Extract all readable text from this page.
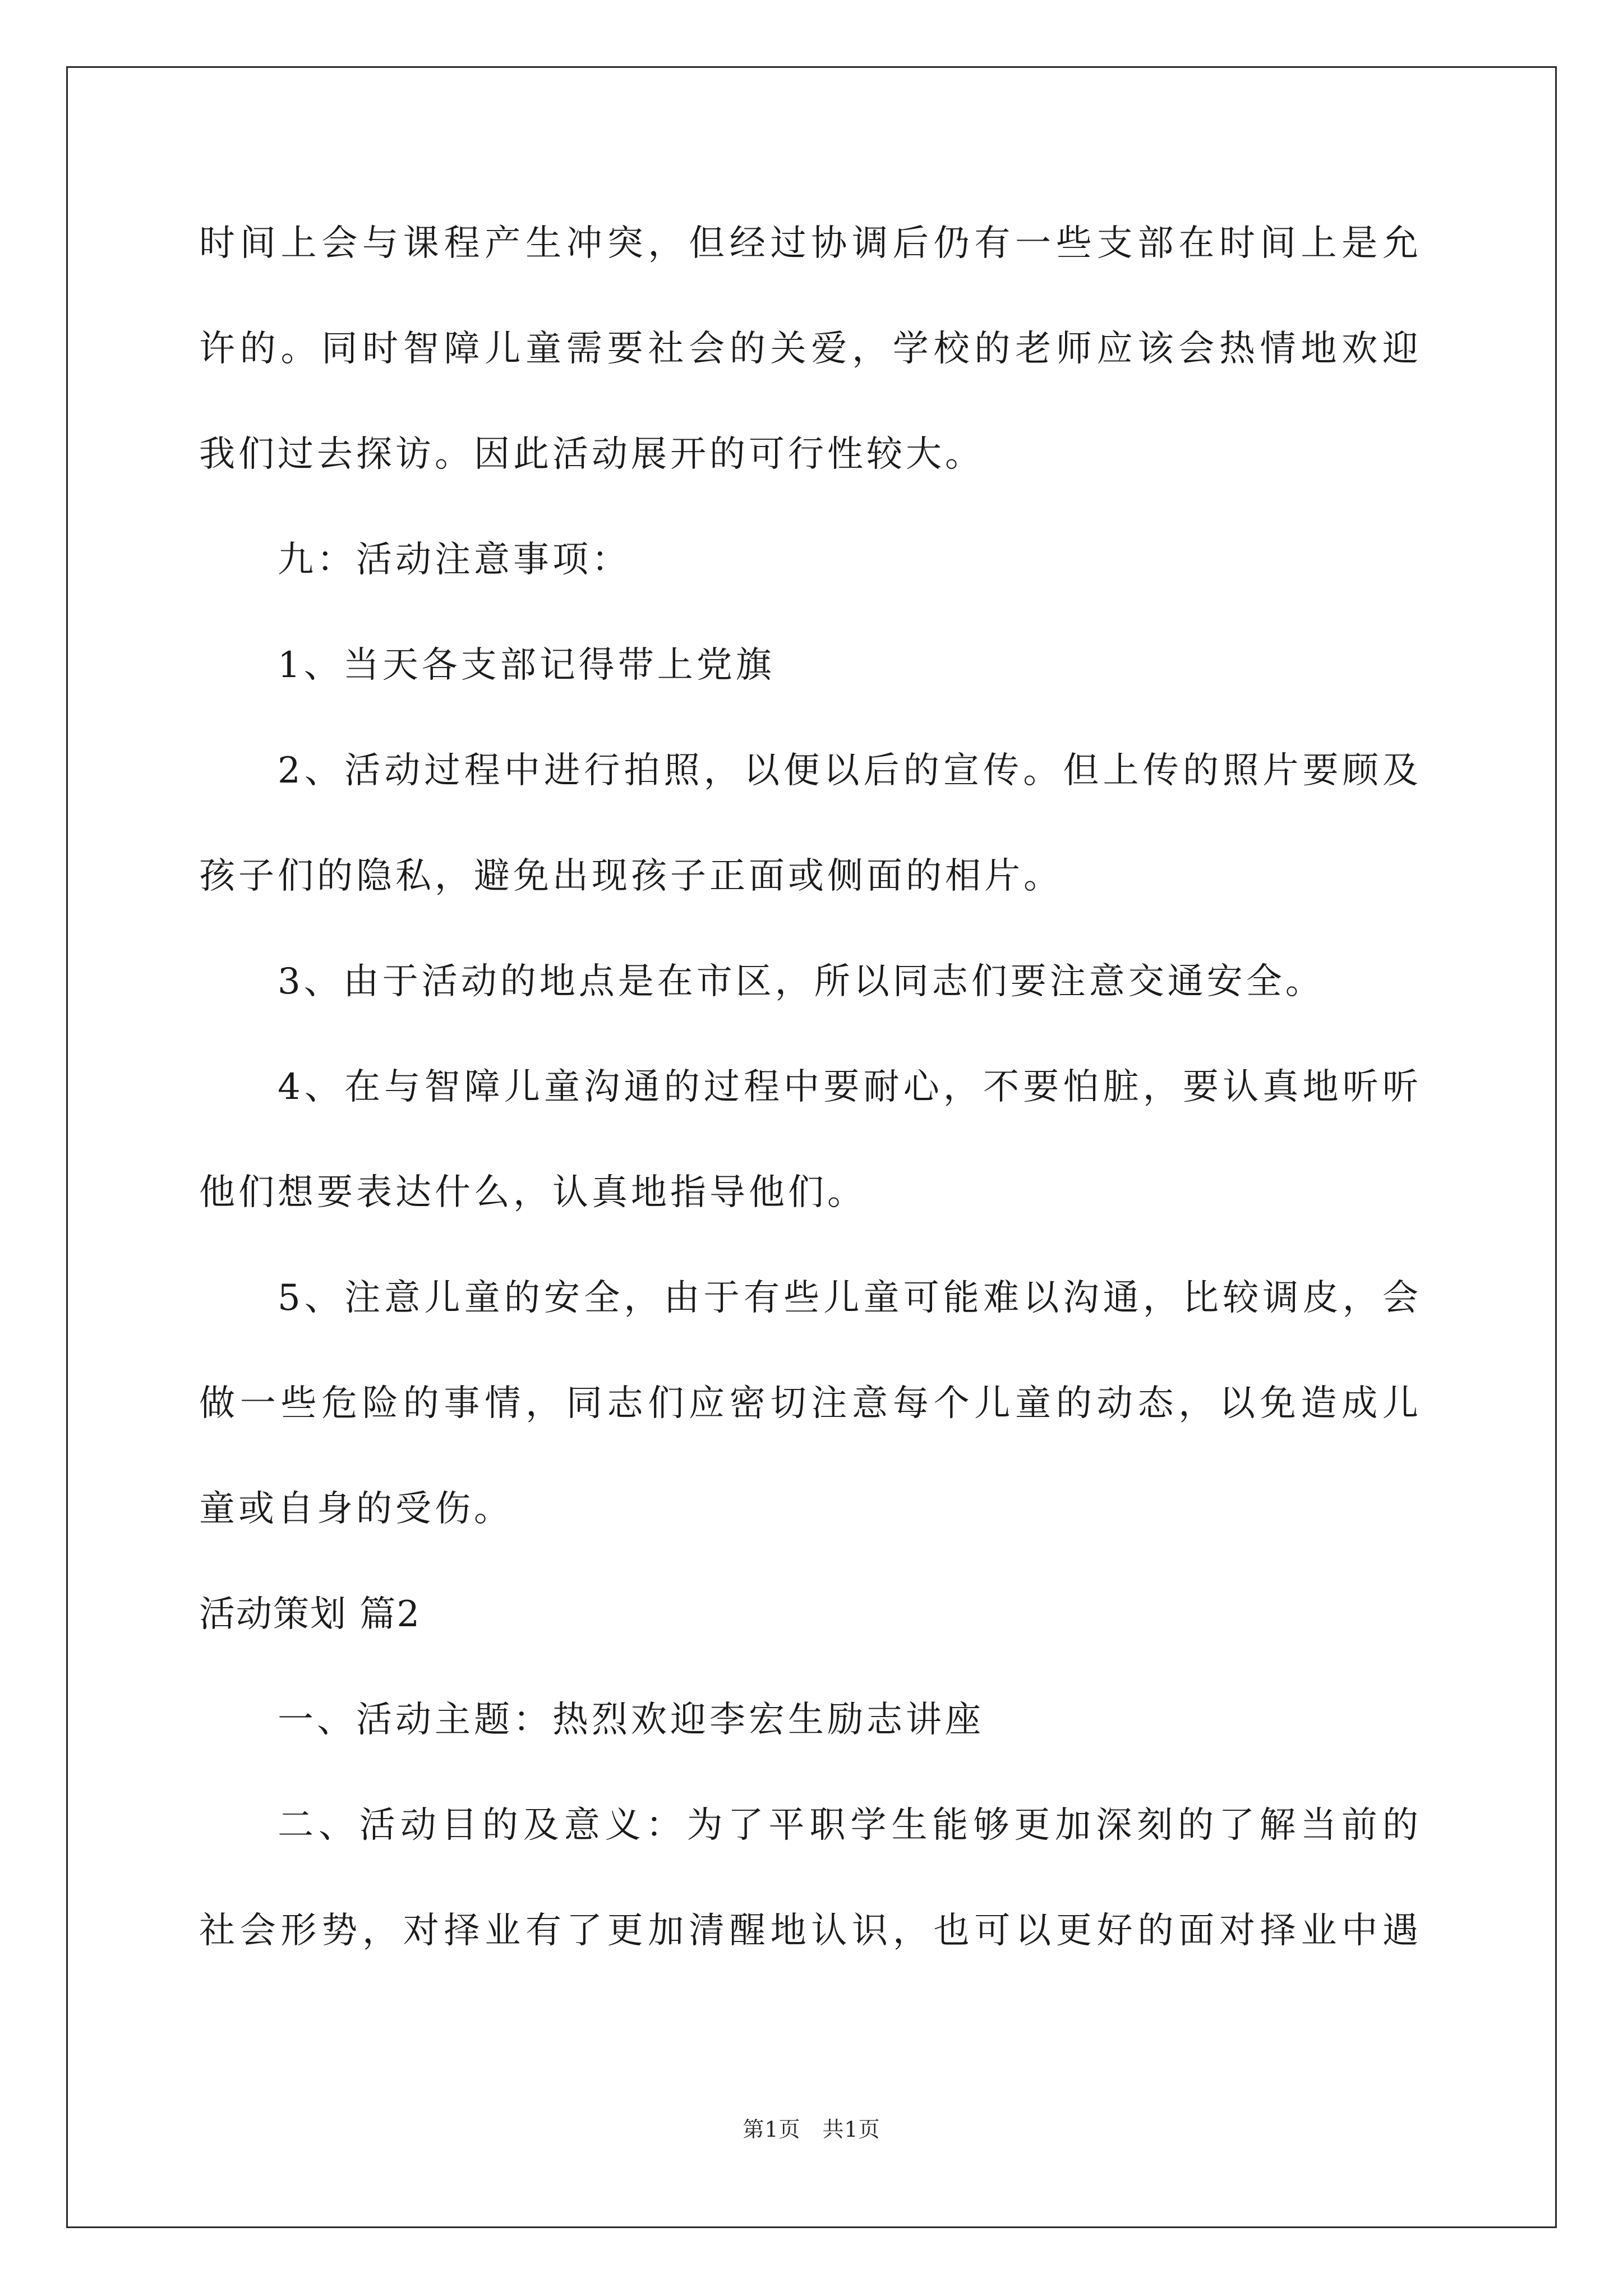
时间上会与课程产生冲突，但经过协调后仍有一些支部在时间上是允
许的。同时智障儿童需要社会的关爱，学校的老师应该会热情地欢迎
我们过去探访。因此活动展开的可行性较大。
九：活动注意事项：
1、当天各支部记得带上党旗
2、活动过程中进行拍照，以便以后的宣传。但上传的照片要顾及
孩子们的隐私，避免出现孩子正面或侧面的相片。
3、由于活动的地点是在市区，所以同志们要注意交通安全。
4、在与智障儿童沟通的过程中要耐心，不要怕脏，要认真地听听
他们想要表达什么，认真地指导他们。
5、注意儿童的安全，由于有些儿童可能难以沟通，比较调皮，会
做一些危险的事情，同志们应密切注意每个儿童的动态，以免造成儿
童或自身的受伤。
活动策划 篇2
一、活动主题：热烈欢迎李宏生励志讲座
二、活动目的及意义：为了平职学生能够更加深刻的了解当前的
社会形势，对择业有了更加清醒地认识，也可以更好的面对择业中遇
第1页　共1页
